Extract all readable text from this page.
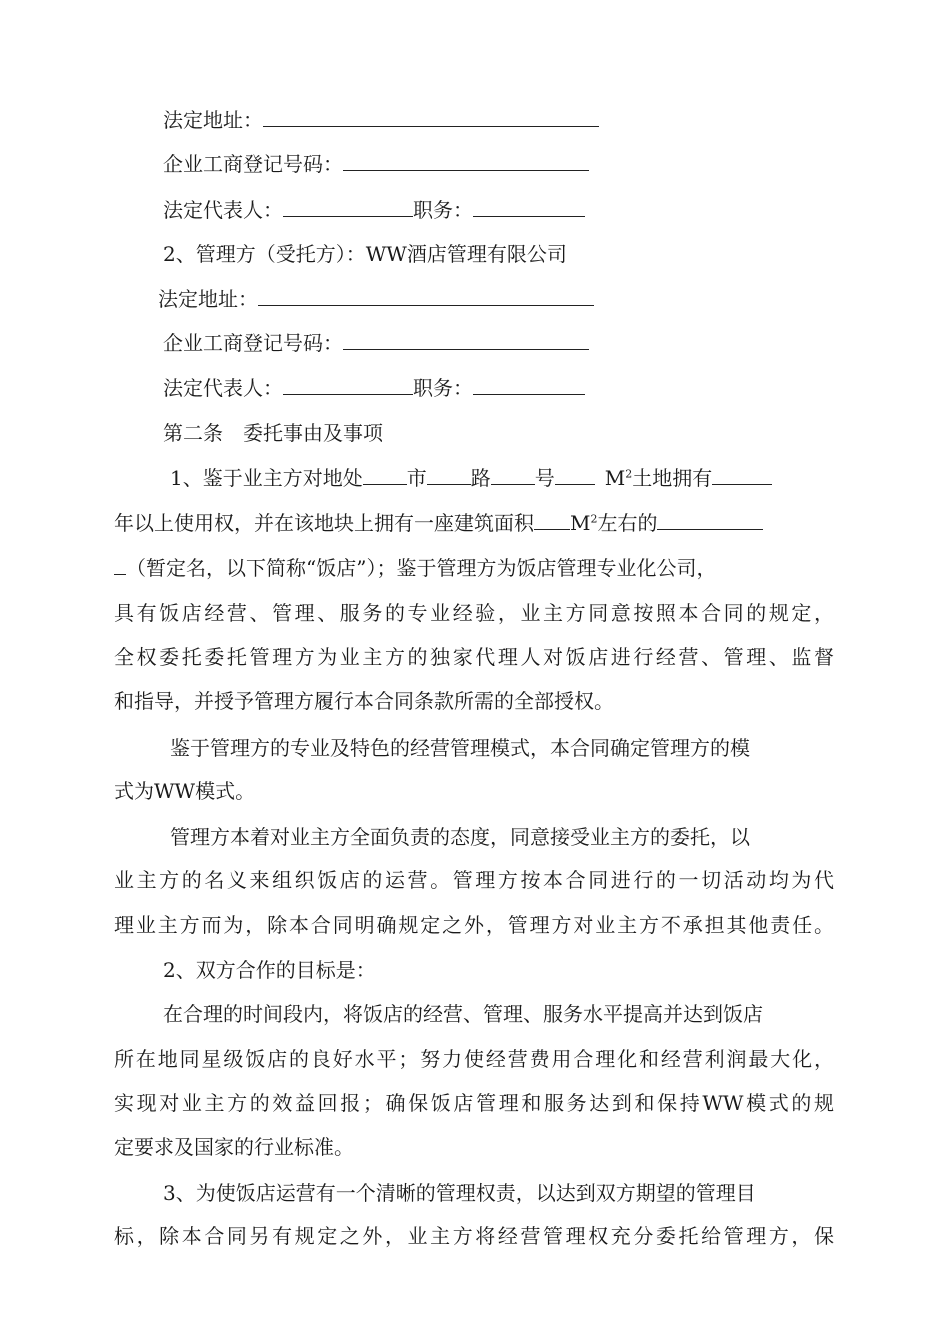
法定地址：
企业工商登记号码：
法定代表人：	职务：
2、管理方（受托方）：WW酒店管理有限公司
法定地址：
企业工商登记号码：
法定代表人：	职务：
第二条　委托事由及事项
1、鉴于业主方对地处 市 路 号	$M^2$土地拥有
年以上使用权，并在该地块上拥有一座建筑面积 $M^2$左右的
（暂定名，以下简称“饭店”）；鉴于管理方为饭店管理专业化公司，
具有饭店经营、管理、服务的专业经验，业主方同意按照本合同的规定，
全权委托委托管理方为业主方的独家代理人对饭店进行经营、管理、监督
和指导，并授予管理方履行本合同条款所需的全部授权。
鉴于管理方的专业及特色的经营管理模式，本合同确定管理方的模
式为WW模式。
管理方本着对业主方全面负责的态度，同意接受业主方的委托，以
业主方的名义来组织饭店的运营。管理方按本合同进行的一切活动均为代
理业主方而为，除本合同明确规定之外，管理方对业主方不承担其他责任。
2、双方合作的目标是：
在合理的时间段内，将饭店的经营、管理、服务水平提高并达到饭店
所在地同星级饭店的良好水平；努力使经营费用合理化和经营利润最大化，
实现对业主方的效益回报；确保饭店管理和服务达到和保持WW模式的规
定要求及国家的行业标准。
3、为使饭店运营有一个清晰的管理权责，以达到双方期望的管理目
标，除本合同另有规定之外，业主方将经营管理权充分委托给管理方，保
